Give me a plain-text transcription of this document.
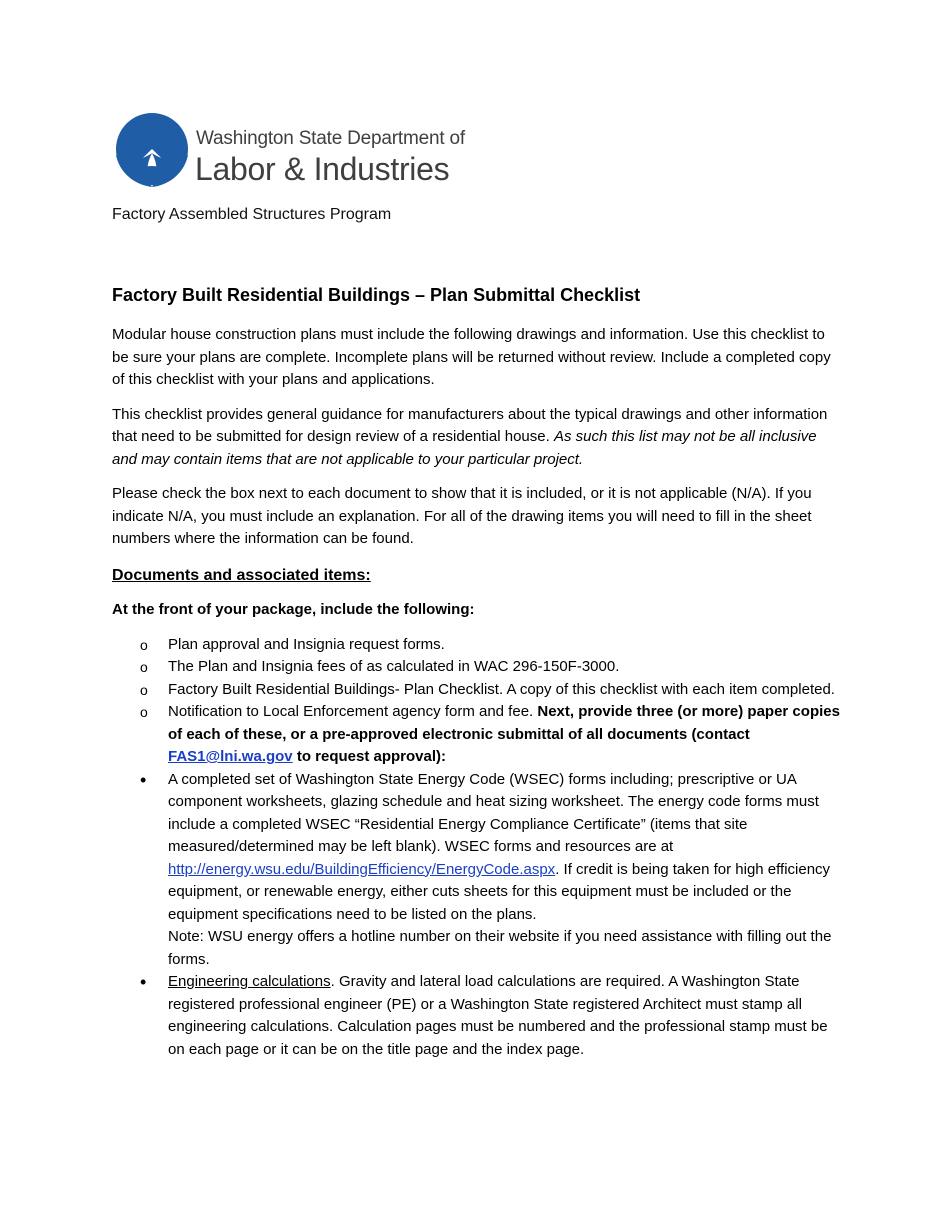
Washington State Department of
Labor & Industries
Factory Assembled Structures Program
Factory Built Residential Buildings – Plan Submittal Checklist

Modular house construction plans must include the following drawings and information. Use this checklist to be sure your plans are complete. Incomplete plans will be returned without review. Include a completed copy of this checklist with your plans and applications.

This checklist provides general guidance for manufacturers about the typical drawings and other information that need to be submitted for design review of a residential house. As such this list may not be all inclusive and may contain items that are not applicable to your particular project.

Please check the box next to each document to show that it is included, or it is not applicable (N/A). If you indicate N/A, you must include an explanation. For all of the drawing items you will need to fill in the sheet numbers where the information can be found.

Documents and associated items:
At the front of your package, include the following:
o Plan approval and Insignia request forms.
o The Plan and Insignia fees of as calculated in WAC 296-150F-3000.
o Factory Built Residential Buildings- Plan Checklist. A copy of this checklist with each item completed.
o Notification to Local Enforcement agency form and fee. Next, provide three (or more) paper copies of each of these, or a pre-approved electronic submittal of all documents (contact FAS1@lni.wa.gov to request approval):
• A completed set of Washington State Energy Code (WSEC) forms including; prescriptive or UA component worksheets, glazing schedule and heat sizing worksheet. The energy code forms must include a completed WSEC “Residential Energy Compliance Certificate” (items that site measured/determined may be left blank). WSEC forms and resources are at http://energy.wsu.edu/BuildingEfficiency/EnergyCode.aspx. If credit is being taken for high efficiency equipment, or renewable energy, either cuts sheets for this equipment must be included or the equipment specifications need to be listed on the plans.
Note: WSU energy offers a hotline number on their website if you need assistance with filling out the forms.
• Engineering calculations. Gravity and lateral load calculations are required. A Washington State registered professional engineer (PE) or a Washington State registered Architect must stamp all engineering calculations. Calculation pages must be numbered and the professional stamp must be on each page or it can be on the title page and the index page.
